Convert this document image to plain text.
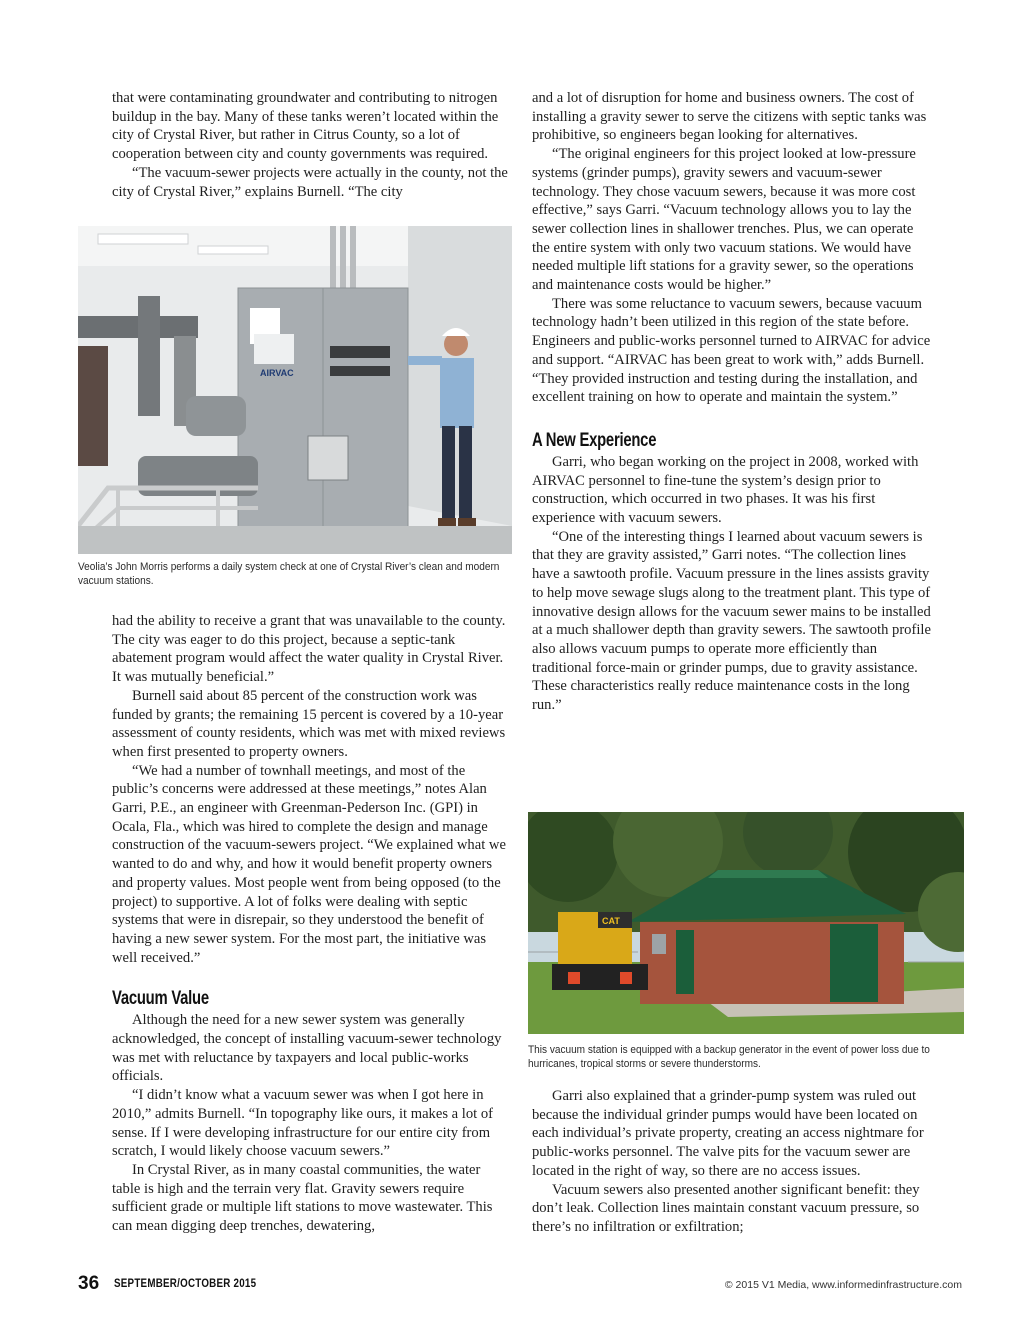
that were contaminating groundwater and contributing to nitrogen buildup in the bay. Many of these tanks weren’t located within the city of Crystal River, but rather in Citrus County, so a lot of cooperation between city and county governments was required.

“The vacuum-sewer projects were actually in the county, not the city of Crystal River,” explains Burnell. “The city

AIRVAC
Veolia’s John Morris performs a daily system check at one of Crystal River’s clean and modern vacuum stations.

had the ability to receive a grant that was unavailable to the county. The city was eager to do this project, because a septic-tank abatement program would affect the water quality in Crystal River. It was mutually beneficial.”

Burnell said about 85 percent of the construction work was funded by grants; the remaining 15 percent is covered by a 10-year assessment of county residents, which was met with mixed reviews when first presented to property owners.

“We had a number of townhall meetings, and most of the public’s concerns were addressed at these meetings,” notes Alan Garri, P.E., an engineer with Greenman-Pederson Inc. (GPI) in Ocala, Fla., which was hired to complete the design and manage construction of the vacuum-sewers project. “We explained what we wanted to do and why, and how it would benefit property owners and property values. Most people went from being opposed (to the project) to supportive. A lot of folks were dealing with septic systems that were in disrepair, so they understood the benefit of having a new sewer system. For the most part, the initiative was well received.”

Vacuum Value

Although the need for a new sewer system was generally acknowledged, the concept of installing vacuum-sewer technology was met with reluctance by taxpayers and local public-works officials.

“I didn’t know what a vacuum sewer was when I got here in 2010,” admits Burnell. “In topography like ours, it makes a lot of sense. If I were developing infrastructure for our entire city from scratch, I would likely choose vacuum sewers.”

In Crystal River, as in many coastal communities, the water table is high and the terrain very flat. Gravity sewers require sufficient grade or multiple lift stations to move wastewater. This can mean digging deep trenches, dewatering,

and a lot of disruption for home and business owners. The cost of installing a gravity sewer to serve the citizens with septic tanks was prohibitive, so engineers began looking for alternatives.

“The original engineers for this project looked at low-pressure systems (grinder pumps), gravity sewers and vacuum-sewer technology. They chose vacuum sewers, because it was more cost effective,” says Garri. “Vacuum technology allows you to lay the sewer collection lines in shallower trenches. Plus, we can operate the entire system with only two vacuum stations. We would have needed multiple lift stations for a gravity sewer, so the operations and maintenance costs would be higher.”

There was some reluctance to vacuum sewers, because vacuum technology hadn’t been utilized in this region of the state before. Engineers and public-works personnel turned to AIRVAC for advice and support. “AIRVAC has been great to work with,” adds Burnell. “They provided instruction and testing during the installation, and excellent training on how to operate and maintain the system.”

A New Experience

Garri, who began working on the project in 2008, worked with AIRVAC personnel to fine-tune the system’s design prior to construction, which occurred in two phases. It was his first experience with vacuum sewers.

“One of the interesting things I learned about vacuum sewers is that they are gravity assisted,” Garri notes. “The collection lines have a sawtooth profile. Vacuum pressure in the lines assists gravity to help move sewage slugs along to the treatment plant. This type of innovative design allows for the vacuum sewer mains to be installed at a much shallower depth than gravity sewers. The sawtooth profile also allows vacuum pumps to operate more efficiently than traditional force-main or grinder pumps, due to gravity assistance. These characteristics really reduce maintenance costs in the long run.”

CAT
This vacuum station is equipped with a backup generator in the event of power loss due to hurricanes, tropical storms or severe thunderstorms.

Garri also explained that a grinder-pump system was ruled out because the individual grinder pumps would have been located on each individual’s private property, creating an access nightmare for public-works personnel. The valve pits for the vacuum sewer are located in the right of way, so there are no access issues.

Vacuum sewers also presented another significant benefit: they don’t leak. Collection lines maintain constant vacuum pressure, so there’s no infiltration or exfiltration;

36 SEPTEMBER/OCTOBER 2015	© 2015 V1 Media, www.informedinfrastructure.com
